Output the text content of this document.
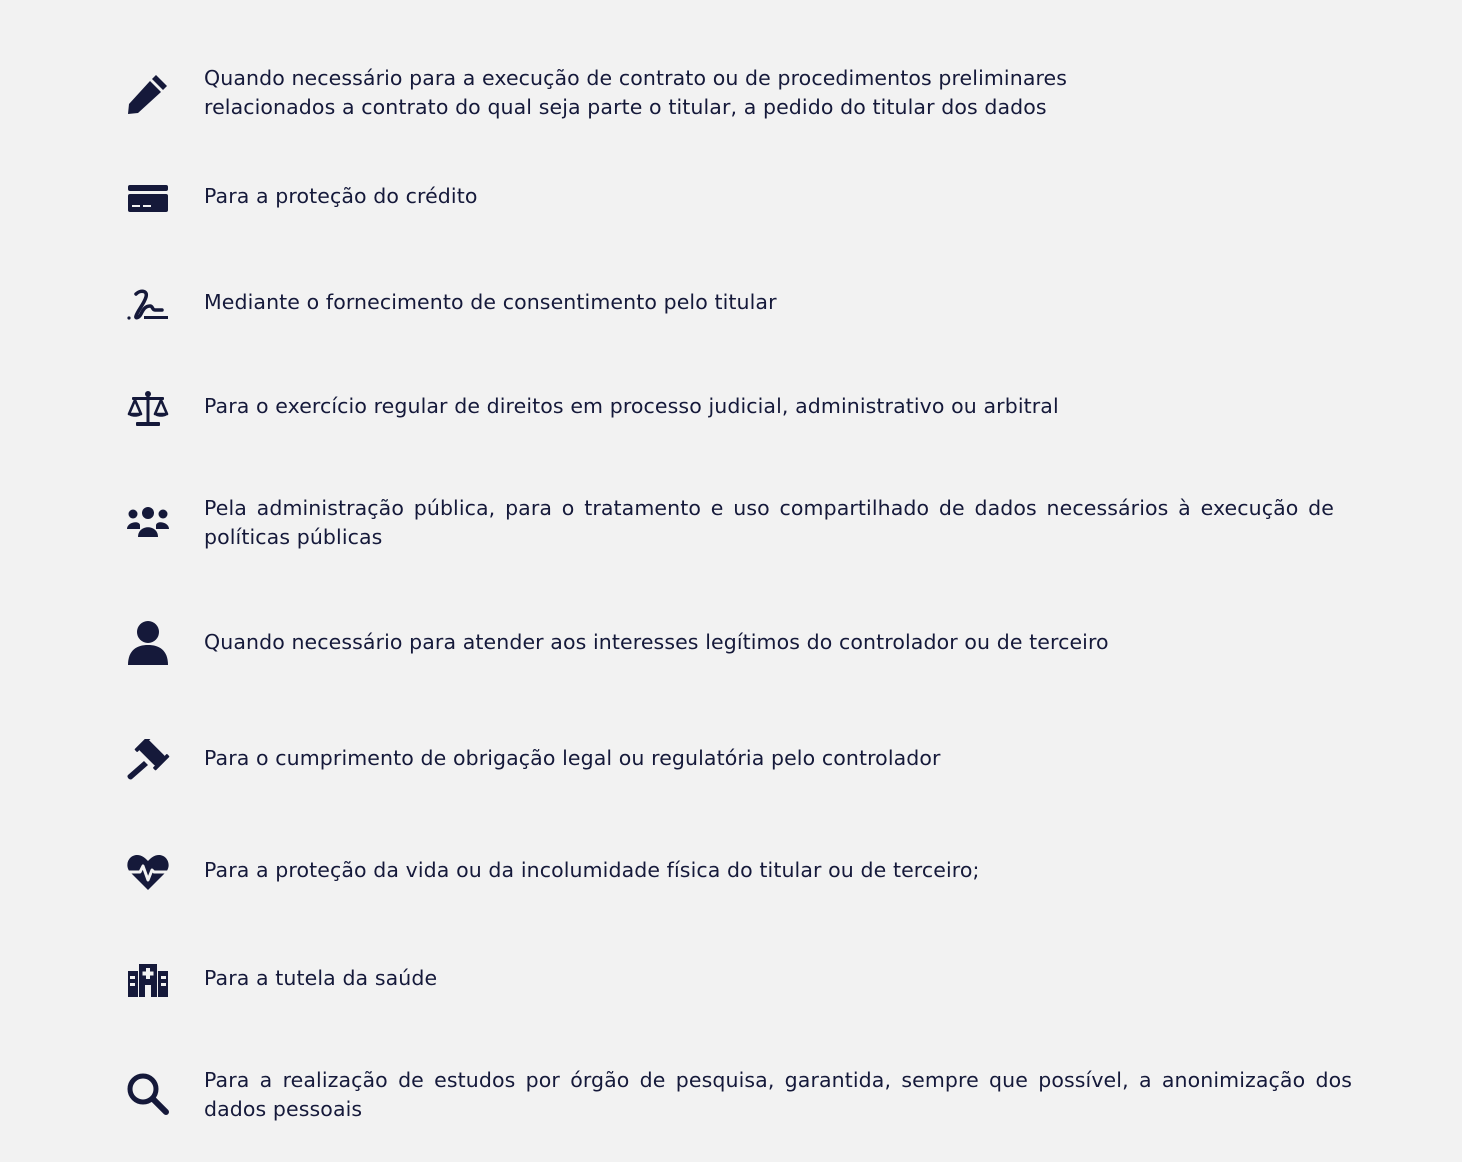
Quando necessário para a execução de contrato ou de procedimentos preliminares relacionados a contrato do qual seja parte o titular, a pedido do titular dos dados
Para a proteção do crédito
Mediante o fornecimento de consentimento pelo titular
Para o exercício regular de direitos em processo judicial, administrativo ou arbitral
Pela administração pública, para o tratamento e uso compartilhado de dados necessários à execução de políticas públicas
Quando necessário para atender aos interesses legítimos do controlador ou de terceiro
Para o cumprimento de obrigação legal ou regulatória pelo controlador
Para a proteção da vida ou da incolumidade física do titular ou de terceiro;
Para a tutela da saúde
Para a realização de estudos por órgão de pesquisa, garantida, sempre que possível, a anonimização dos dados pessoais
